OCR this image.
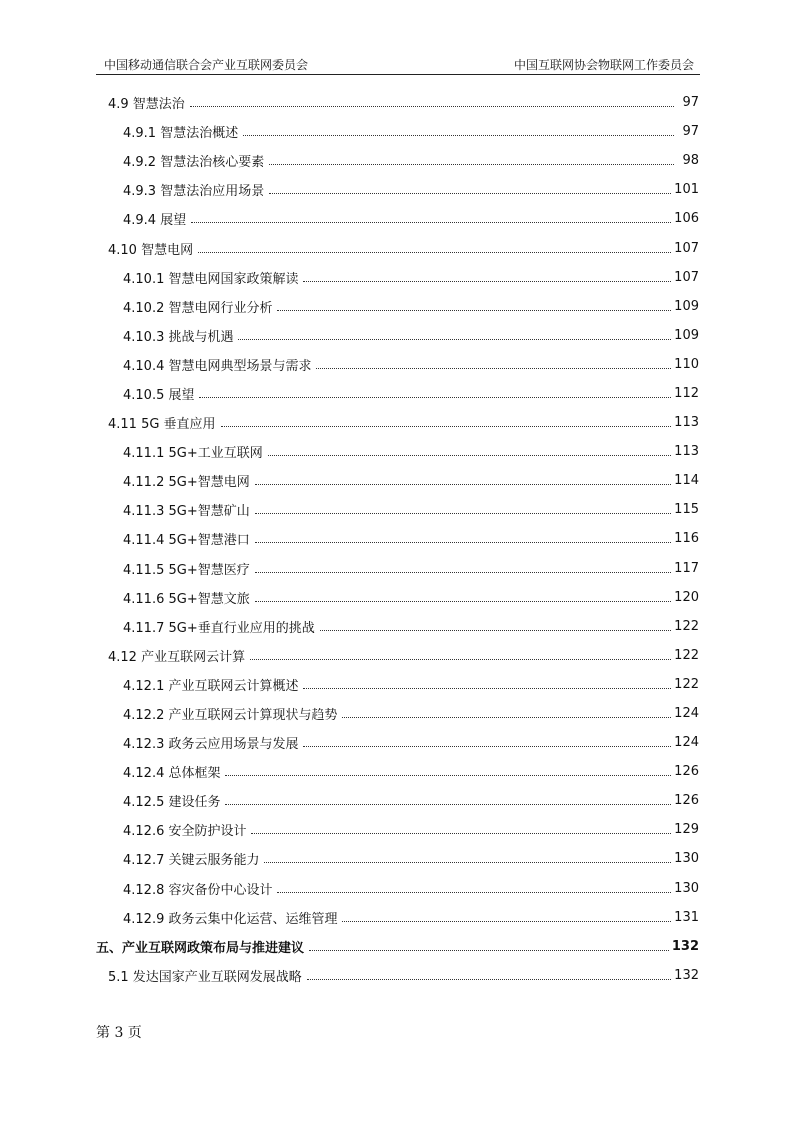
中国移动通信联合会产业互联网委员会	中国互联网协会物联网工作委员会
4.9 智慧法治	97
4.9.1 智慧法治概述	97
4.9.2 智慧法治核心要素	98
4.9.3 智慧法治应用场景	101
4.9.4 展望	106
4.10 智慧电网	107
4.10.1 智慧电网国家政策解读	107
4.10.2 智慧电网行业分析	109
4.10.3 挑战与机遇	109
4.10.4 智慧电网典型场景与需求	110
4.10.5 展望	112
4.11 5G 垂直应用	113
4.11.1 5G+工业互联网	113
4.11.2 5G+智慧电网	114
4.11.3 5G+智慧矿山	115
4.11.4 5G+智慧港口	116
4.11.5 5G+智慧医疗	117
4.11.6 5G+智慧文旅	120
4.11.7 5G+垂直行业应用的挑战	122
4.12 产业互联网云计算	122
4.12.1 产业互联网云计算概述	122
4.12.2 产业互联网云计算现状与趋势	124
4.12.3 政务云应用场景与发展	124
4.12.4 总体框架	126
4.12.5 建设任务	126
4.12.6 安全防护设计	129
4.12.7 关键云服务能力	130
4.12.8 容灾备份中心设计	130
4.12.9 政务云集中化运营、运维管理	131
五、产业互联网政策布局与推进建议	132
5.1 发达国家产业互联网发展战略	132
第 3 页
